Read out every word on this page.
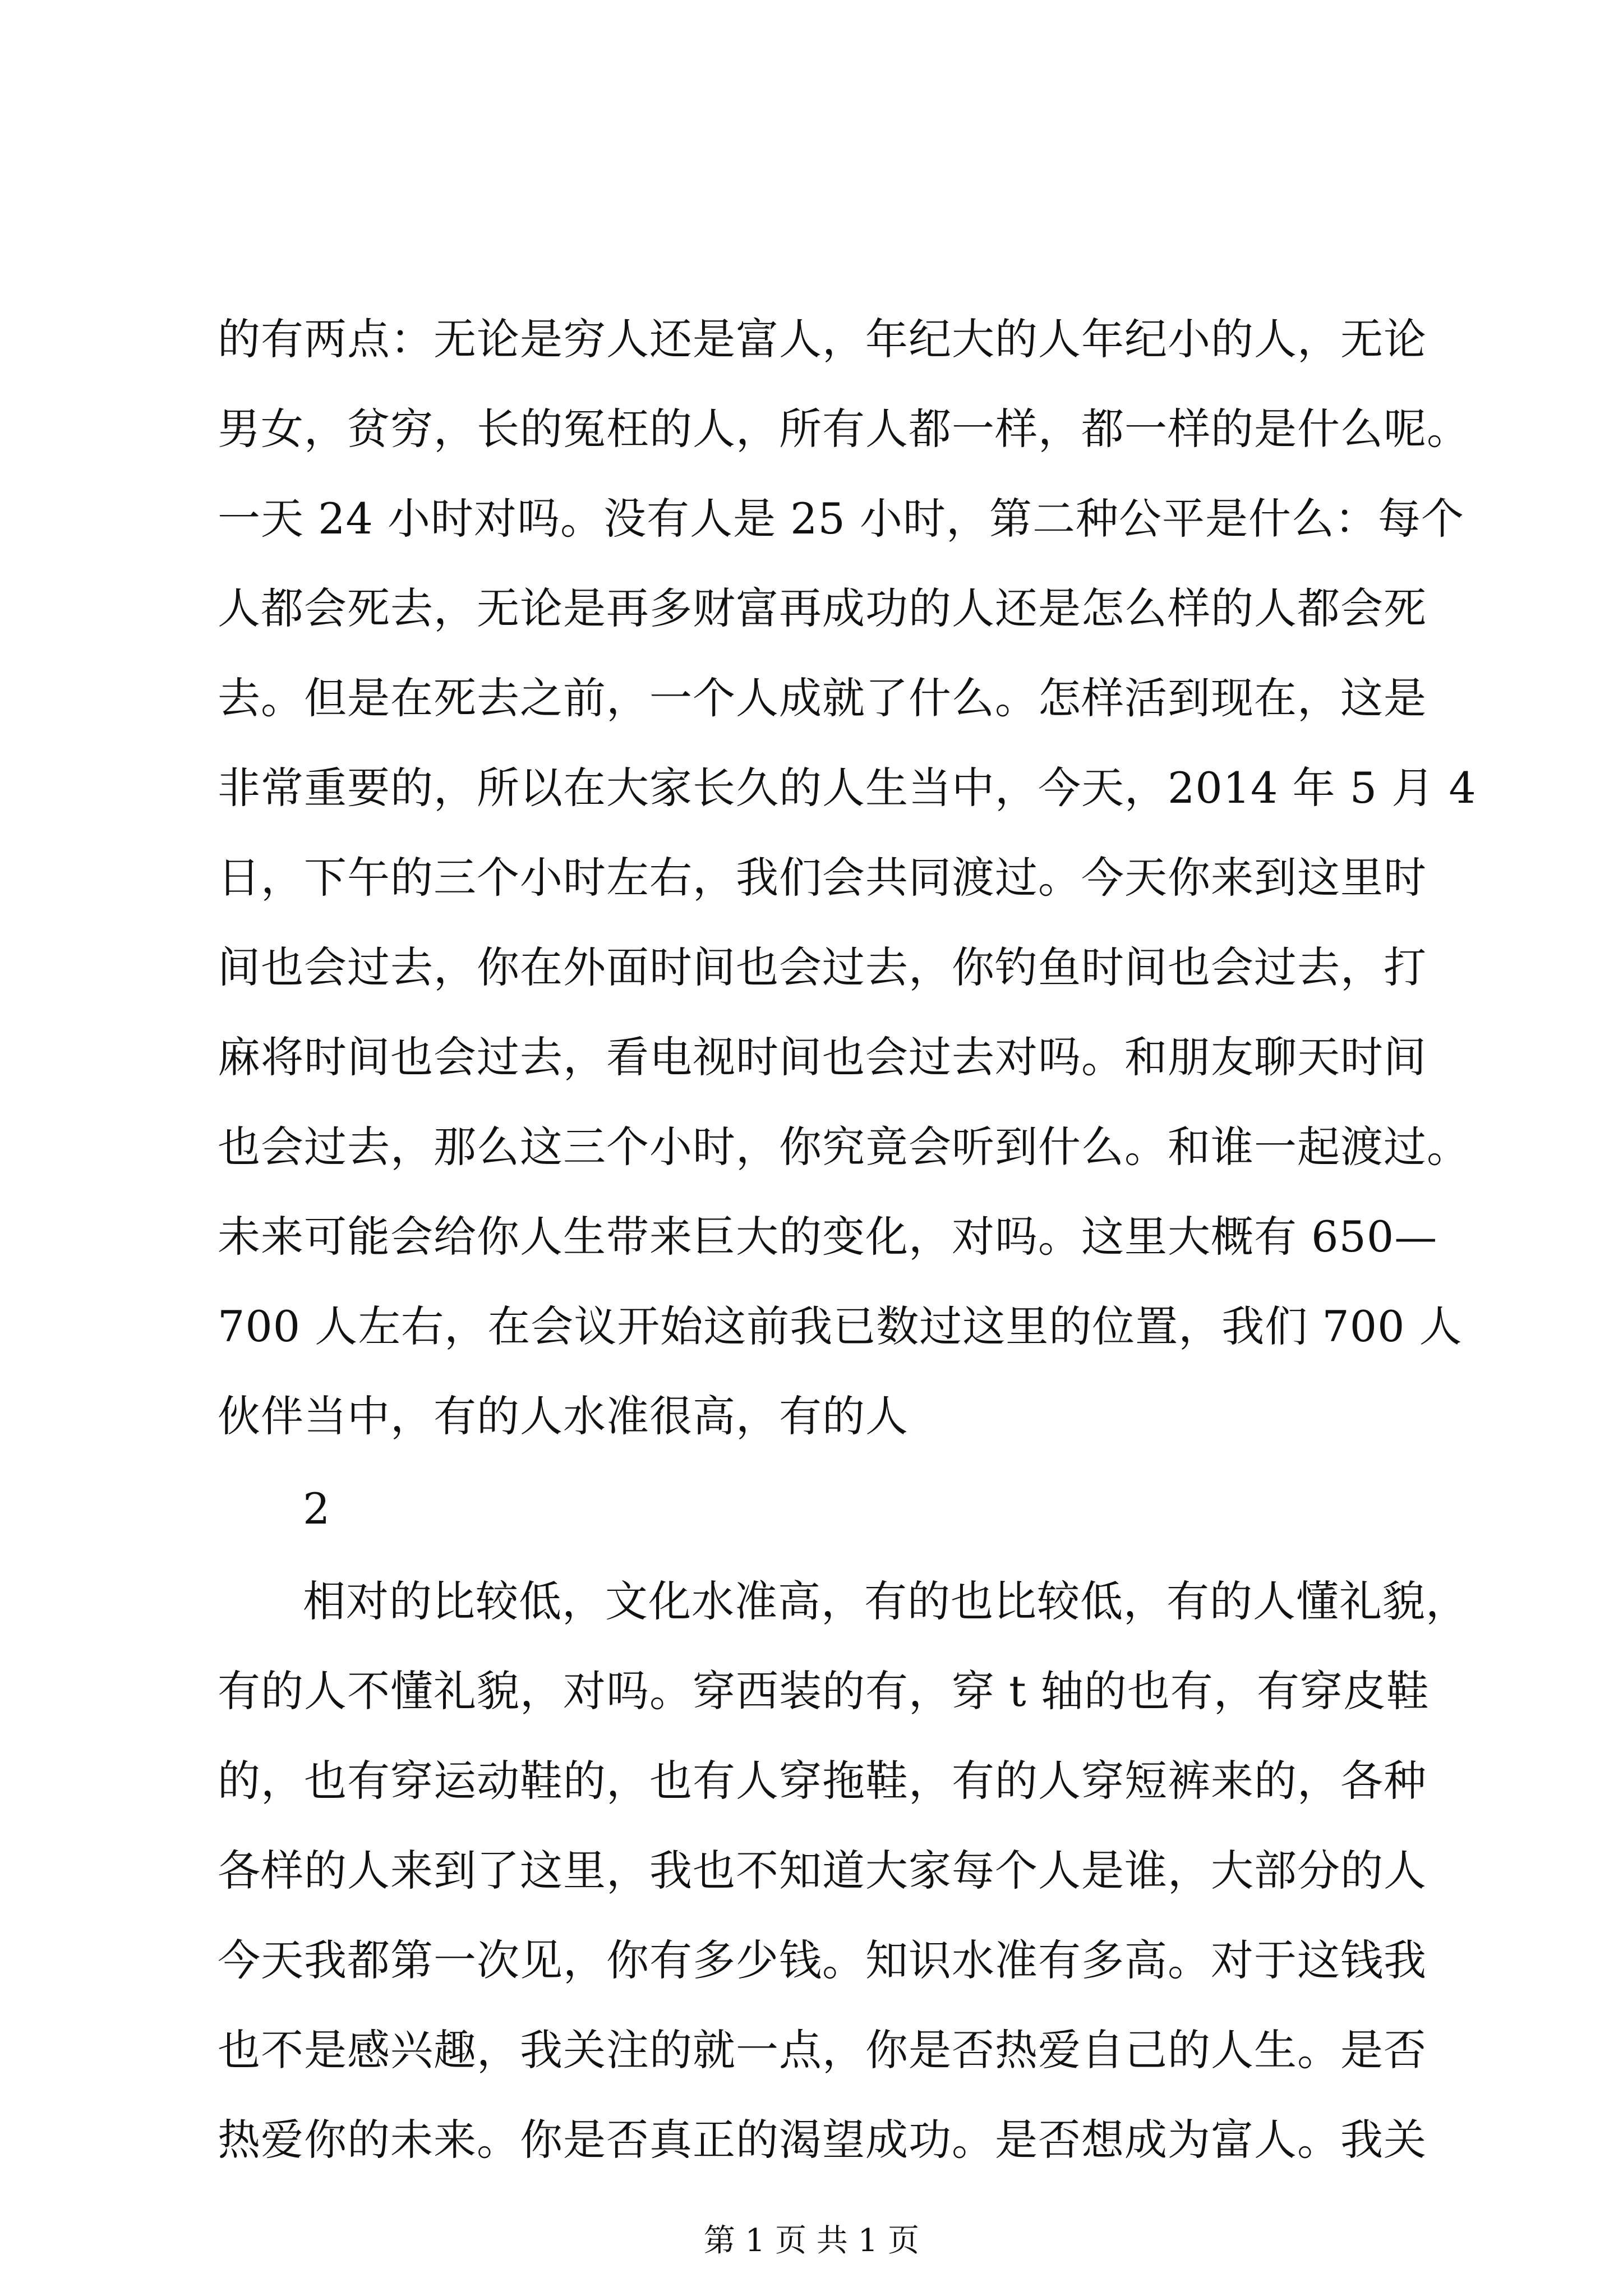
的有两点：无论是穷人还是富人，年纪大的人年纪小的人，无论
男女，贫穷，长的冤枉的人，所有人都一样，都一样的是什么呢。
一天 24 小时对吗。没有人是 25 小时，第二种公平是什么：每个
人都会死去，无论是再多财富再成功的人还是怎么样的人都会死
去。但是在死去之前，一个人成就了什么。怎样活到现在，这是
非常重要的，所以在大家长久的人生当中，今天，2014 年 5 月 4
日，下午的三个小时左右，我们会共同渡过。今天你来到这里时
间也会过去，你在外面时间也会过去，你钓鱼时间也会过去，打
麻将时间也会过去，看电视时间也会过去对吗。和朋友聊天时间
也会过去，那么这三个小时，你究竟会听到什么。和谁一起渡过。
未来可能会给你人生带来巨大的变化，对吗。这里大概有 650—
700 人左右，在会议开始这前我已数过这里的位置，我们 700 人
伙伴当中，有的人水准很高，有的人
2
相对的比较低，文化水准高，有的也比较低，有的人懂礼貌，
有的人不懂礼貌，对吗。穿西装的有，穿 t 轴的也有，有穿皮鞋
的，也有穿运动鞋的，也有人穿拖鞋，有的人穿短裤来的，各种
各样的人来到了这里，我也不知道大家每个人是谁，大部分的人
今天我都第一次见，你有多少钱。知识水准有多高。对于这钱我
也不是感兴趣，我关注的就一点，你是否热爱自己的人生。是否
热爱你的未来。你是否真正的渴望成功。是否想成为富人。我关
第 1 页 共 1 页
